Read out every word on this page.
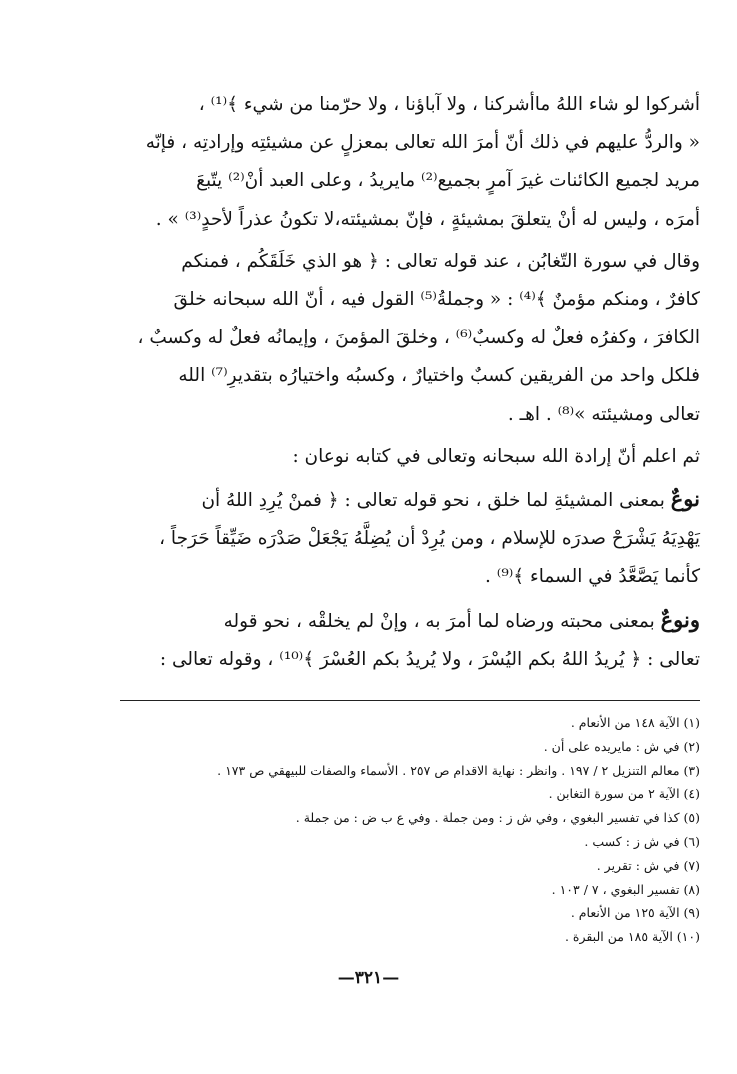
أشركوا لو شاء اللهُ ماأشركنا ، ولا آباؤنا ، ولا حرّمنا من شيء ﴾⁽¹⁾ ،
« والردُّ عليهم في ذلك أنّ أمرَ الله تعالى بمعزلٍ عن مشيئتِه وإرادتِه ، فإنّه
مريد لجميع الكائنات غيرَ آمرٍ بجميع⁽²⁾ مايريدُ ، وعلى العبد أنْ⁽²⁾ يتّبعَ
أمرَه ، وليس له أنْ يتعلقَ بمشيئةٍ ، فإنّ بمشيئته،لا تكونُ عذراً لأحدٍ⁽³⁾ » .

وقال في سورة التّغابُن ، عند قوله تعالى : ﴿ هو الذي خَلَقَكُم ، فمنكم
كافرٌ ، ومنكم مؤمنٌ ﴾⁽⁴⁾ : « وجملةُ⁽⁵⁾ القول فيه ، أنّ الله سبحانه خلقَ
الكافرَ ، وكفرُه فعلٌ له وكسبٌ⁽⁶⁾ ، وخلقَ المؤمنَ ، وإيمانُه فعلٌ له وكسبٌ ،
فلكل واحد من الفريقين كسبٌ واختيارٌ ، وكسبُه واختيارُه بتقديرِ⁽⁷⁾ الله
تعالى ومشيئته »⁽⁸⁾ . اهـ .

ثم اعلم أنّ إرادة الله سبحانه وتعالى في كتابه نوعان :

نوعٌ بمعنى المشيئةِ لما خلق ، نحو قوله تعالى : ﴿ فمنْ يُرِدِ اللهُ أن
يَهْدِيَهُ يَشْرَحْ صدرَه للإسلام ، ومن يُرِدْ أن يُضِلَّهُ يَجْعَلْ صَدْرَه ضَيِّقاً حَرَجاً ،
كأنما يَصَّعَّدُ في السماء ﴾⁽⁹⁾ .

ونوعٌ بمعنى محبته ورضاه لما أمرَ به ، وإنْ لم يخلقْه ، نحو قوله
تعالى : ﴿ يُريدُ اللهُ بكم اليُسْرَ ، ولا يُريدُ بكم العُسْرَ ﴾⁽¹⁰⁾ ، وقوله تعالى :

(١) الآية ١٤٨ من الأنعام .

(٢) في ش : مايريده على أن .

(٣) معالم التنزيل ٢ / ١٩٧ . وانظر : نهاية الاقدام ص ٢٥٧ . الأسماء والصفات للبيهقي ص ١٧٣ .

(٤) الآية ٢ من سورة التغابن .

(٥) كذا في تفسير البغوي ، وفي ش ز : ومن جملة . وفي ع ب ض : من جملة .

(٦) في ش ز : كسب .

(٧) في ش : تقرير .

(٨) تفسير البغوي ، ٧ / ١٠٣ .

(٩) الآية ١٢٥ من الأنعام .

(١٠) الآية ١٨٥ من البقرة .

—٣٢١—
